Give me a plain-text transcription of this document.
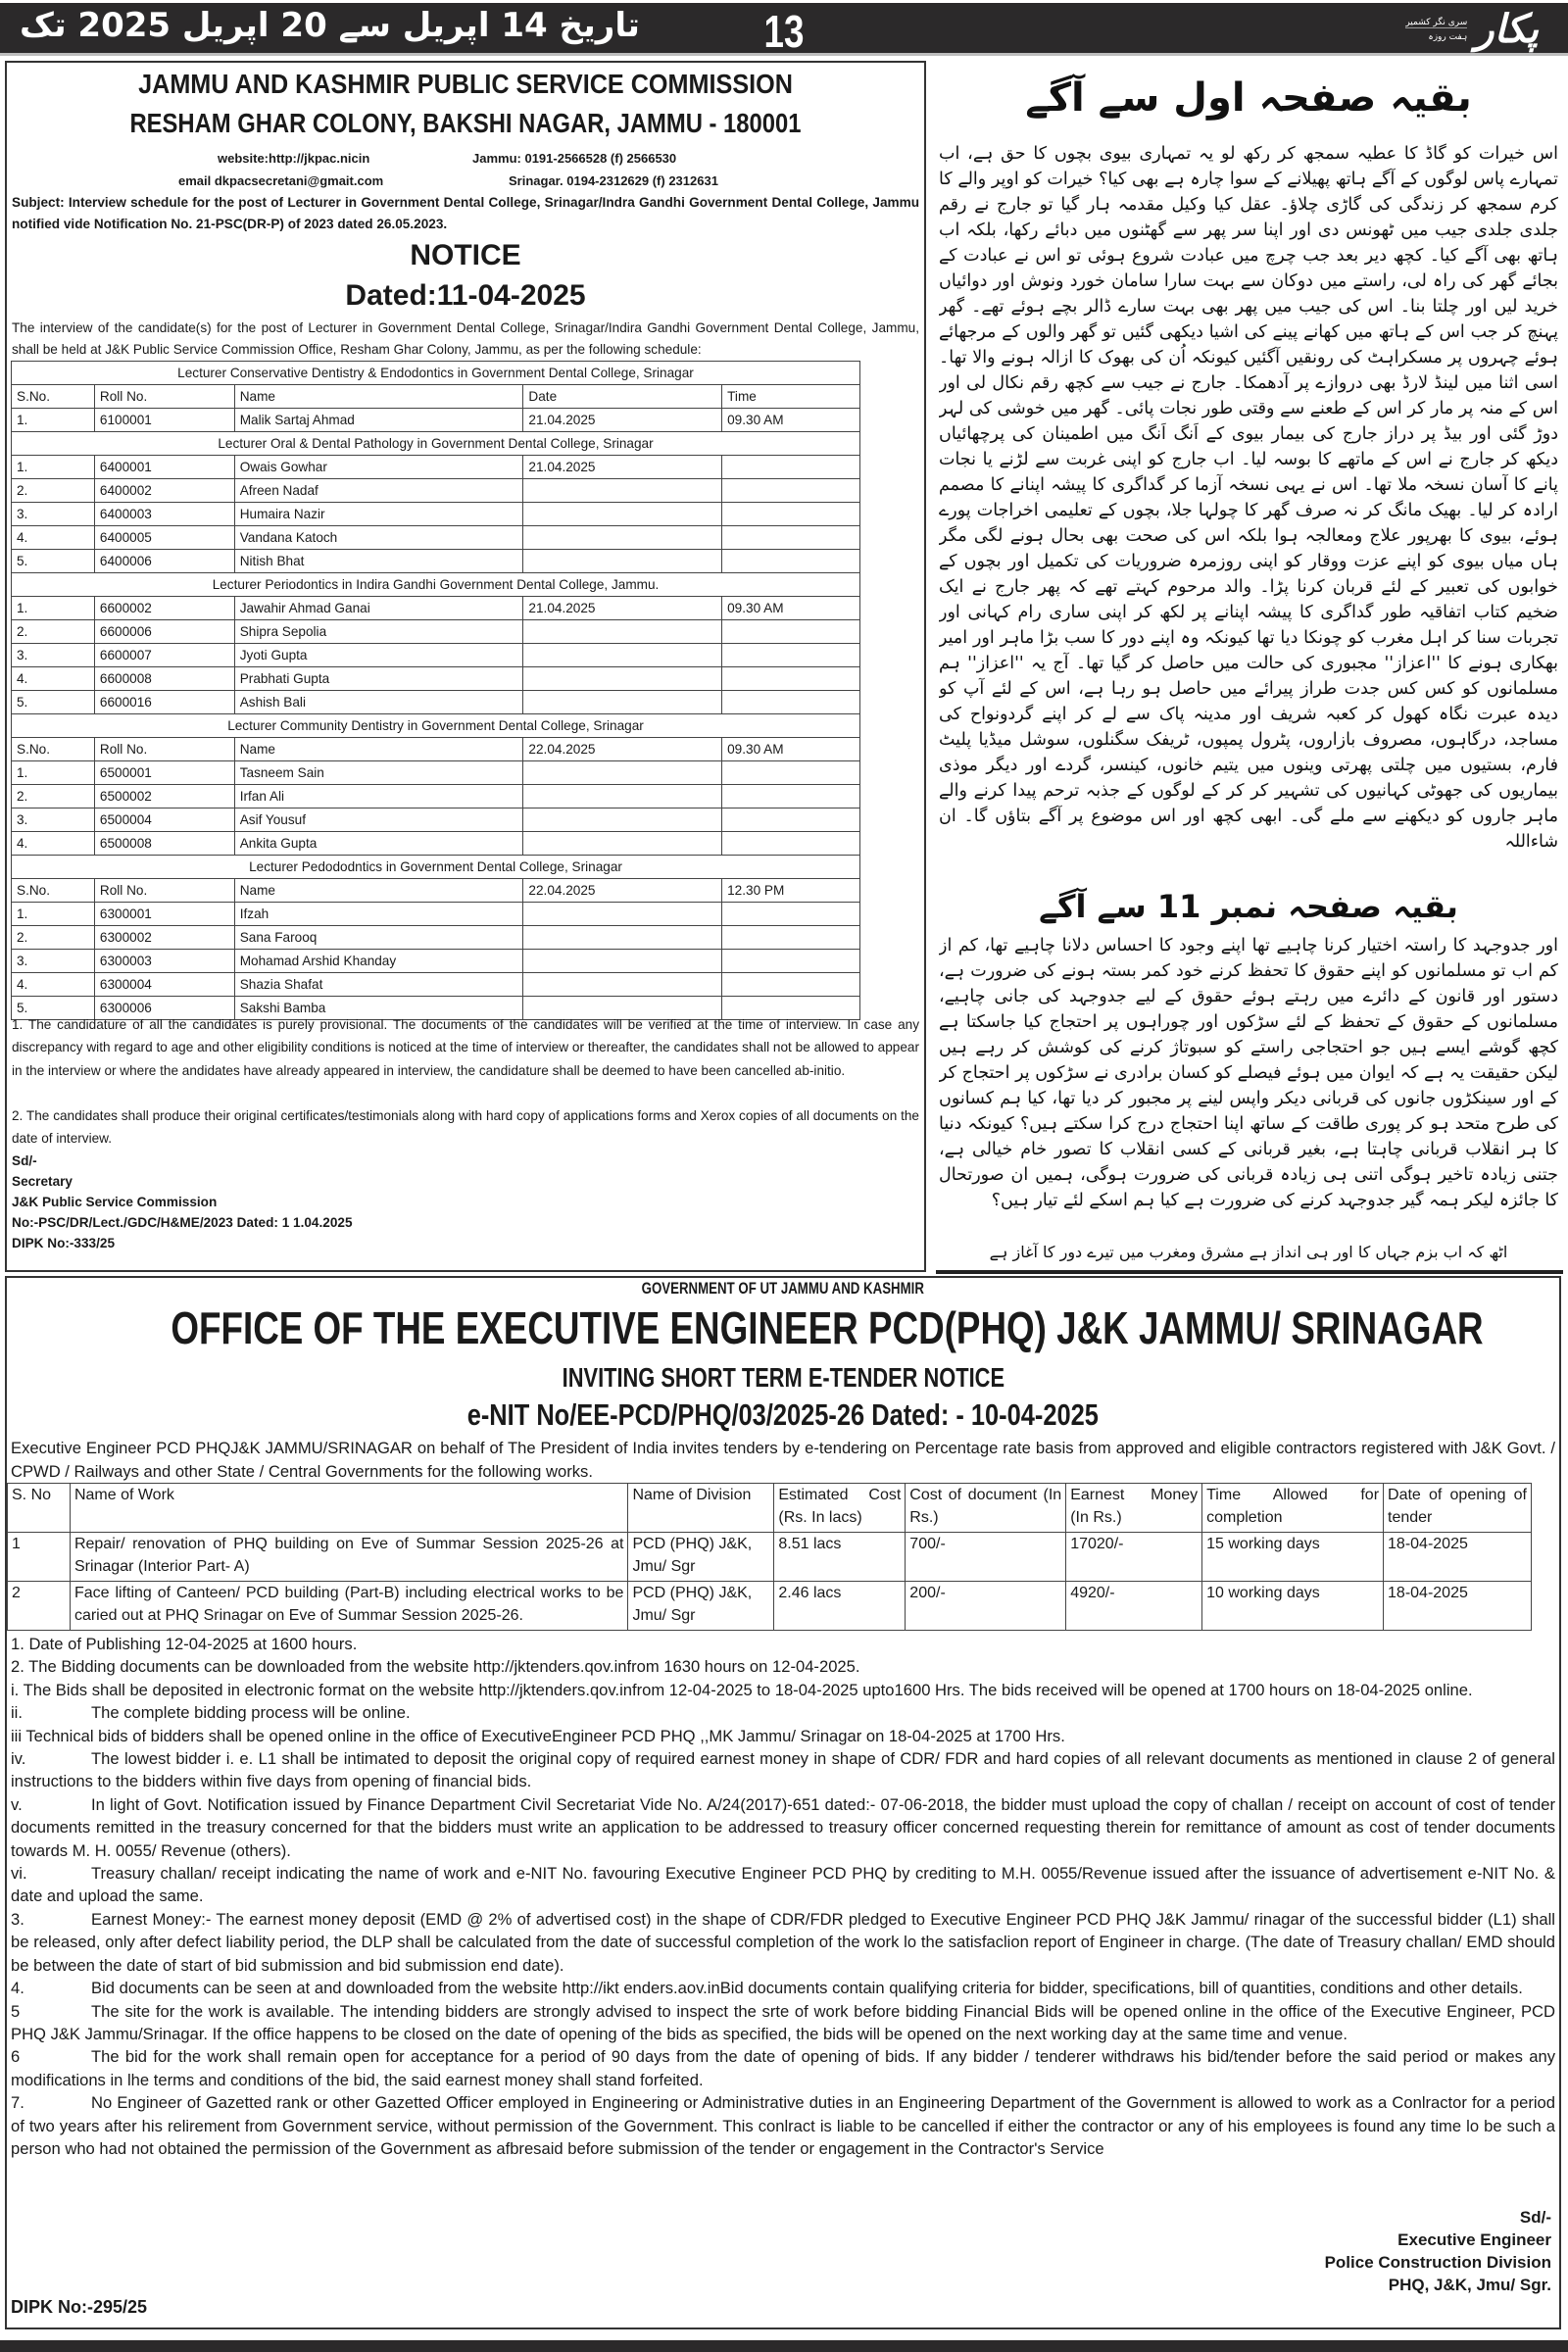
تاریخ 14 اپریل سے 20 اپریل 2025 تک	13	سری نگر کشمیر
ہفت روزہ پکار
JAMMU AND KASHMIR PUBLIC SERVICE COMMISSION
RESHAM GHAR COLONY, BAKSHI NAGAR, JAMMU - 180001
website:http://jkpac.nicin	Jammu: 0191-2566528 (f) 2566530
email dkpacsecretani@gmait.com	Srinagar. 0194-2312629 (f) 2312631
Subject: Interview schedule for the post of Lecturer in Government Dental College, Srinagar/Indra Gandhi Government Dental College, Jammu notified vide Notification No. 21-PSC(DR-P) of 2023 dated 26.05.2023.
NOTICE
Dated:11-04-2025
The interview of the candidate(s) for the post of Lecturer in Government Dental College, Srinagar/Indira Gandhi Government Dental College, Jammu, shall be held at J&K Public Service Commission Office, Resham Ghar Colony, Jammu, as per the following schedule:
Lecturer Conservative Dentistry & Endodontics in Government Dental College, Srinagar				
S.No.	Roll No.	Name	Date	Time
1.	6100001	Malik Sartaj Ahmad	21.04.2025	09.30 AM
Lecturer Oral & Dental Pathology in Government Dental College, Srinagar				
1.	6400001	Owais Gowhar	21.04.2025	
2.	6400002	Afreen Nadaf		
3.	6400003	Humaira Nazir		
4.	6400005	Vandana Katoch		
5.	6400006	Nitish Bhat		
Lecturer Periodontics in Indira Gandhi Government Dental College, Jammu.				
1.	6600002	Jawahir Ahmad Ganai	21.04.2025	09.30 AM
2.	6600006	Shipra Sepolia		
3.	6600007	Jyoti Gupta		
4.	6600008	Prabhati Gupta		
5.	6600016	Ashish Bali		
Lecturer Community Dentistry in Government Dental College, Srinagar				
S.No.	Roll No.	Name	22.04.2025	09.30 AM
1.	6500001	Tasneem Sain		
2.	6500002	Irfan Ali		
3.	6500004	Asif Yousuf		
4.	6500008	Ankita Gupta		
Lecturer Pedododntics in Government Dental College, Srinagar				
S.No.	Roll No.	Name	22.04.2025	12.30 PM
1.	6300001	Ifzah		
2.	6300002	Sana Farooq		
3.	6300003	Mohamad Arshid Khanday		
4.	6300004	Shazia Shafat		
5.	6300006	Sakshi Bamba		
1. The candidature of all the candidates is purely provisional. The documents of the candidates will be verified at the time of interview. In case any discrepancy with regard to age and other eligibility conditions is noticed at the time of interview or thereafter, the candidates shall not be allowed to appear in the interview or where the andidates have already appeared in interview, the candidature shall be deemed to have been cancelled ab-initio.
2. The candidates shall produce their original certificates/testimonials along with hard copy of applications forms and Xerox copies of all documents on the date of interview.
Sd/-
Secretary
J&K Public Service Commission
No:-PSC/DR/Lect./GDC/H&ME/2023 Dated: 1 1.04.2025
DIPK No:-333/25
بقیہ صفحہ اول سے آگے
اس خیرات کو گاڈ کا عطیہ سمجھ کر رکھ لو یہ تمہاری بیوی بچوں کا حق ہے، اب تمہارے پاس لوگوں کے آگے ہاتھ پھیلانے کے سوا چارہ ہے بھی کیا؟ خیرات کو اوپر والے کا کرم سمجھ کر زندگی کی گاڑی چلاؤ۔ عقل کیا وکیل مقدمہ ہار گیا تو جارج نے رقم جلدی جلدی جیب میں ٹھونس دی اور اپنا سر پھر سے گھٹنوں میں دبائے رکھا، بلکہ اب ہاتھ بھی آگے کیا۔ کچھ دیر بعد جب چرچ میں عبادت شروع ہوئی تو اس نے عبادت کے بجائے گھر کی راہ لی، راستے میں دوکان سے بہت سارا سامان خورد ونوش اور دوائیاں خرید لیں اور چلتا بنا۔ اس کی جیب میں پھر بھی بہت سارے ڈالر بچے ہوئے تھے۔ گھر پہنچ کر جب اس کے ہاتھ میں کھانے پینے کی اشیا دیکھی گئیں تو گھر والوں کے مرجھائے ہوئے چہروں پر مسکراہٹ کی رونقیں آگئیں کیونکہ اُن کی بھوک کا ازالہ ہونے والا تھا۔ اسی اثنا میں لینڈ لارڈ بھی دروازے پر آدھمکا۔ جارج نے جیب سے کچھ رقم نکال لی اور اس کے منہ پر مار کر اس کے طعنے سے وقتی طور نجات پائی۔ گھر میں خوشی کی لہر دوڑ گئی اور بیڈ پر دراز جارج کی بیمار بیوی کے اَنگ اَنگ میں اطمینان کی پرچھائیاں دیکھ کر جارج نے اس کے ماتھے کا بوسہ لیا۔ اب جارج کو اپنی غربت سے لڑنے یا نجات پانے کا آسان نسخہ ملا تھا۔ اس نے یہی نسخہ آزما کر گداگری کا پیشہ اپنانے کا مصمم ارادہ کر لیا۔ بھیک مانگ کر نہ صرف گھر کا چولہا جلا، بچوں کے تعلیمی اخراجات پورے ہوئے، بیوی کا بھرپور علاج ومعالجہ ہوا بلکہ اس کی صحت بھی بحال ہونے لگی مگر ہاں میاں بیوی کو اپنے عزت ووقار کو اپنی روزمرہ ضروریات کی تکمیل اور بچوں کے خوابوں کی تعبیر کے لئے قربان کرنا پڑا۔ والد مرحوم کہتے تھے کہ پھر جارج نے ایک ضخیم کتاب اتفاقیہ طور گداگری کا پیشہ اپنانے پر لکھ کر اپنی ساری رام کہانی اور تجربات سنا کر اہل مغرب کو چونکا دیا تھا کیونکہ وہ اپنے دور کا سب بڑا ماہر اور امیر بھکاری ہونے کا ''اعزاز'' مجبوری کی حالت میں حاصل کر گیا تھا۔ آج یہ ''اعزاز'' ہم مسلمانوں کو کس کس جدت طراز پیرائے میں حاصل ہو رہا ہے، اس کے لئے آپ کو دیدہ عبرت نگاہ کھول کر کعبہ شریف اور مدینہ پاک سے لے کر اپنے گردونواح کی مساجد، درگاہوں، مصروف بازاروں، پٹرول پمپوں، ٹریفک سگنلوں، سوشل میڈیا پلیٹ فارم، بستیوں میں چلتی پھرتی وینوں میں یتیم خانوں، کینسر، گردے اور دیگر موذی بیماریوں کی جھوٹی کہانیوں کی تشہیر کر کر کے لوگوں کے جذبہ ترحم پیدا کرنے والے ماہر جاروں کو دیکھنے سے ملے گی۔ ابھی کچھ اور اس موضوع پر آگے بتاؤں گا۔ ان شاءاللہ
بقیہ صفحہ نمبر 11 سے آگے
اور جدوجہد کا راستہ اختیار کرنا چاہیے تھا اپنے وجود کا احساس دلانا چاہیے تھا، کم از کم اب تو مسلمانوں کو اپنے حقوق کا تحفظ کرنے خود کمر بستہ ہونے کی ضرورت ہے، دستور اور قانون کے دائرے میں رہتے ہوئے حقوق کے لیے جدوجہد کی جانی چاہیے، مسلمانوں کے حقوق کے تحفظ کے لئے سڑکوں اور چوراہوں پر احتجاج کیا جاسکتا ہے کچھ گوشے ایسے ہیں جو احتجاجی راستے کو سبوتاژ کرنے کی کوشش کر رہے ہیں لیکن حقیقت یہ ہے کہ ایوان میں ہوئے فیصلے کو کسان برادری نے سڑکوں پر احتجاج کر کے اور سینکڑوں جانوں کی قربانی دیکر واپس لینے پر مجبور کر دیا تھا، کیا ہم کسانوں کی طرح متحد ہو کر پوری طاقت کے ساتھ اپنا احتجاج درج کرا سکتے ہیں؟ کیونکہ دنیا کا ہر انقلاب قربانی چاہتا ہے، بغیر قربانی کے کسی انقلاب کا تصور خام خیالی ہے، جتنی زیادہ تاخیر ہوگی اتنی ہی زیادہ قربانی کی ضرورت ہوگی، ہمیں ان صورتحال کا جائزہ لیکر ہمہ گیر جدوجہد کرنے کی ضرورت ہے کیا ہم اسکے لئے تیار ہیں؟
اٹھ کہ اب بزم جہاں کا اور ہی انداز ہے مشرق ومغرب میں تیرے دور کا آغاز ہے
GOVERNMENT OF UT JAMMU AND KASHMIR
OFFICE OF THE EXECUTIVE ENGINEER PCD(PHQ) J&K JAMMU/ SRINAGAR
INVITING SHORT TERM E-TENDER NOTICE
e-NIT No/EE-PCD/PHQ/03/2025-26 Dated: - 10-04-2025
Executive Engineer PCD PHQJ&K JAMMU/SRINAGAR on behalf of The President of India invites tenders by e-tendering on Percentage rate basis from approved and eligible contractors registered with J&K Govt. / CPWD / Railways and other State / Central Governments for the following works.
S. No	Name of Work	Name of Division	Estimated Cost (Rs. In lacs)	Cost of document (In Rs.)	Earnest Money (In Rs.)	Time Allowed for completion	Date of opening of tender
1	Repair/ renovation of PHQ building on Eve of Summar Session 2025-26 at Srinagar (Interior Part- A)	PCD (PHQ) J&K, Jmu/ Sgr	8.51 lacs	700/-	17020/-	15 working days	18-04-2025
2	Face lifting of Canteen/ PCD building (Part-B) including electrical works to be caried out at PHQ Srinagar on Eve of Summar Session 2025-26.	PCD (PHQ) J&K, Jmu/ Sgr	2.46 lacs	200/-	4920/-	10 working days	18-04-2025
1. Date of Publishing 12-04-2025 at 1600 hours.
2. The Bidding documents can be downloaded from the website http://jktenders.qov.infrom 1630 hours on 12-04-2025.
i. The Bids shall be deposited in electronic format on the website http://jktenders.qov.infrom 12-04-2025 to 18-04-2025 upto1600 Hrs. The bids received will be opened at 1700 hours on 18-04-2025 online.
ii.	The complete bidding process will be online.
iii Technical bids of bidders shall be opened online in the office of ExecutiveEngineer PCD PHQ ,,MK Jammu/ Srinagar on 18-04-2025 at 1700 Hrs.
iv.	The lowest bidder i. e. L1 shall be intimated to deposit the original copy of required earnest money in shape of CDR/ FDR and hard copies of all relevant documents as mentioned in clause 2 of general instructions to the bidders within five days from opening of financial bids.
v.	In light of Govt. Notification issued by Finance Department Civil Secretariat Vide No. A/24(2017)-651 dated:- 07-06-2018, the bidder must upload the copy of challan / receipt on account of cost of tender documents remitted in the treasury concerned for that the bidders must write an application to be addressed to treasury officer concerned requesting therein for remittance of amount as cost of tender documents towards M. H. 0055/ Revenue (others).
vi.	Treasury challan/ receipt indicating the name of work and e-NIT No. favouring Executive Engineer PCD PHQ by crediting to M.H. 0055/Revenue issued after the issuance of advertisement e-NIT No. & date and upload the same.
3.	Earnest Money:- The earnest money deposit (EMD @ 2% of advertised cost) in the shape of CDR/FDR pledged to Executive Engineer PCD PHQ J&K Jammu/ rinagar of the successful bidder (L1) shall be released, only after defect liability period, the DLP shall be calculated from the date of successful completion of the work lo the satisfaclion report of Engineer in charge. (The date of Treasury challan/ EMD should be between the date of start of bid submission and bid submission end date).
4.	Bid documents can be seen at and downloaded from the website http://ikt enders.aov.inBid documents contain qualifying criteria for bidder, specifications, bill of quantities, conditions and other details.
5	The site for the work is available. The intending bidders are strongly advised to inspect the srte of work before bidding Financial Bids will be opened online in the office of the Executive Engineer, PCD PHQ J&K Jammu/Srinagar. If the office happens to be closed on the date of opening of the bids as specified, the bids will be opened on the next working day at the same time and venue.
6	The bid for the work shall remain open for acceptance for a period of 90 days from the date of opening of bids. If any bidder / tenderer withdraws his bid/tender before the said period or makes any modifications in lhe terms and conditions of the bid, the said earnest money shall stand forfeited.
7.	No Engineer of Gazetted rank or other Gazetted Officer employed in Engineering or Administrative duties in an Engineering Department of the Government is allowed to work as a Conlractor for a period of two years after his relirement from Government service, without permission of the Government. This conlract is liable to be cancelled if either the contractor or any of his employees is found any time lo be such a person who had not obtained the permission of the Government as afbresaid before submission of the tender or engagement in the Contractor's Service
Sd/-
Executive Engineer
Police Construction Division
PHQ, J&K, Jmu/ Sgr.
DIPK No:-295/25
